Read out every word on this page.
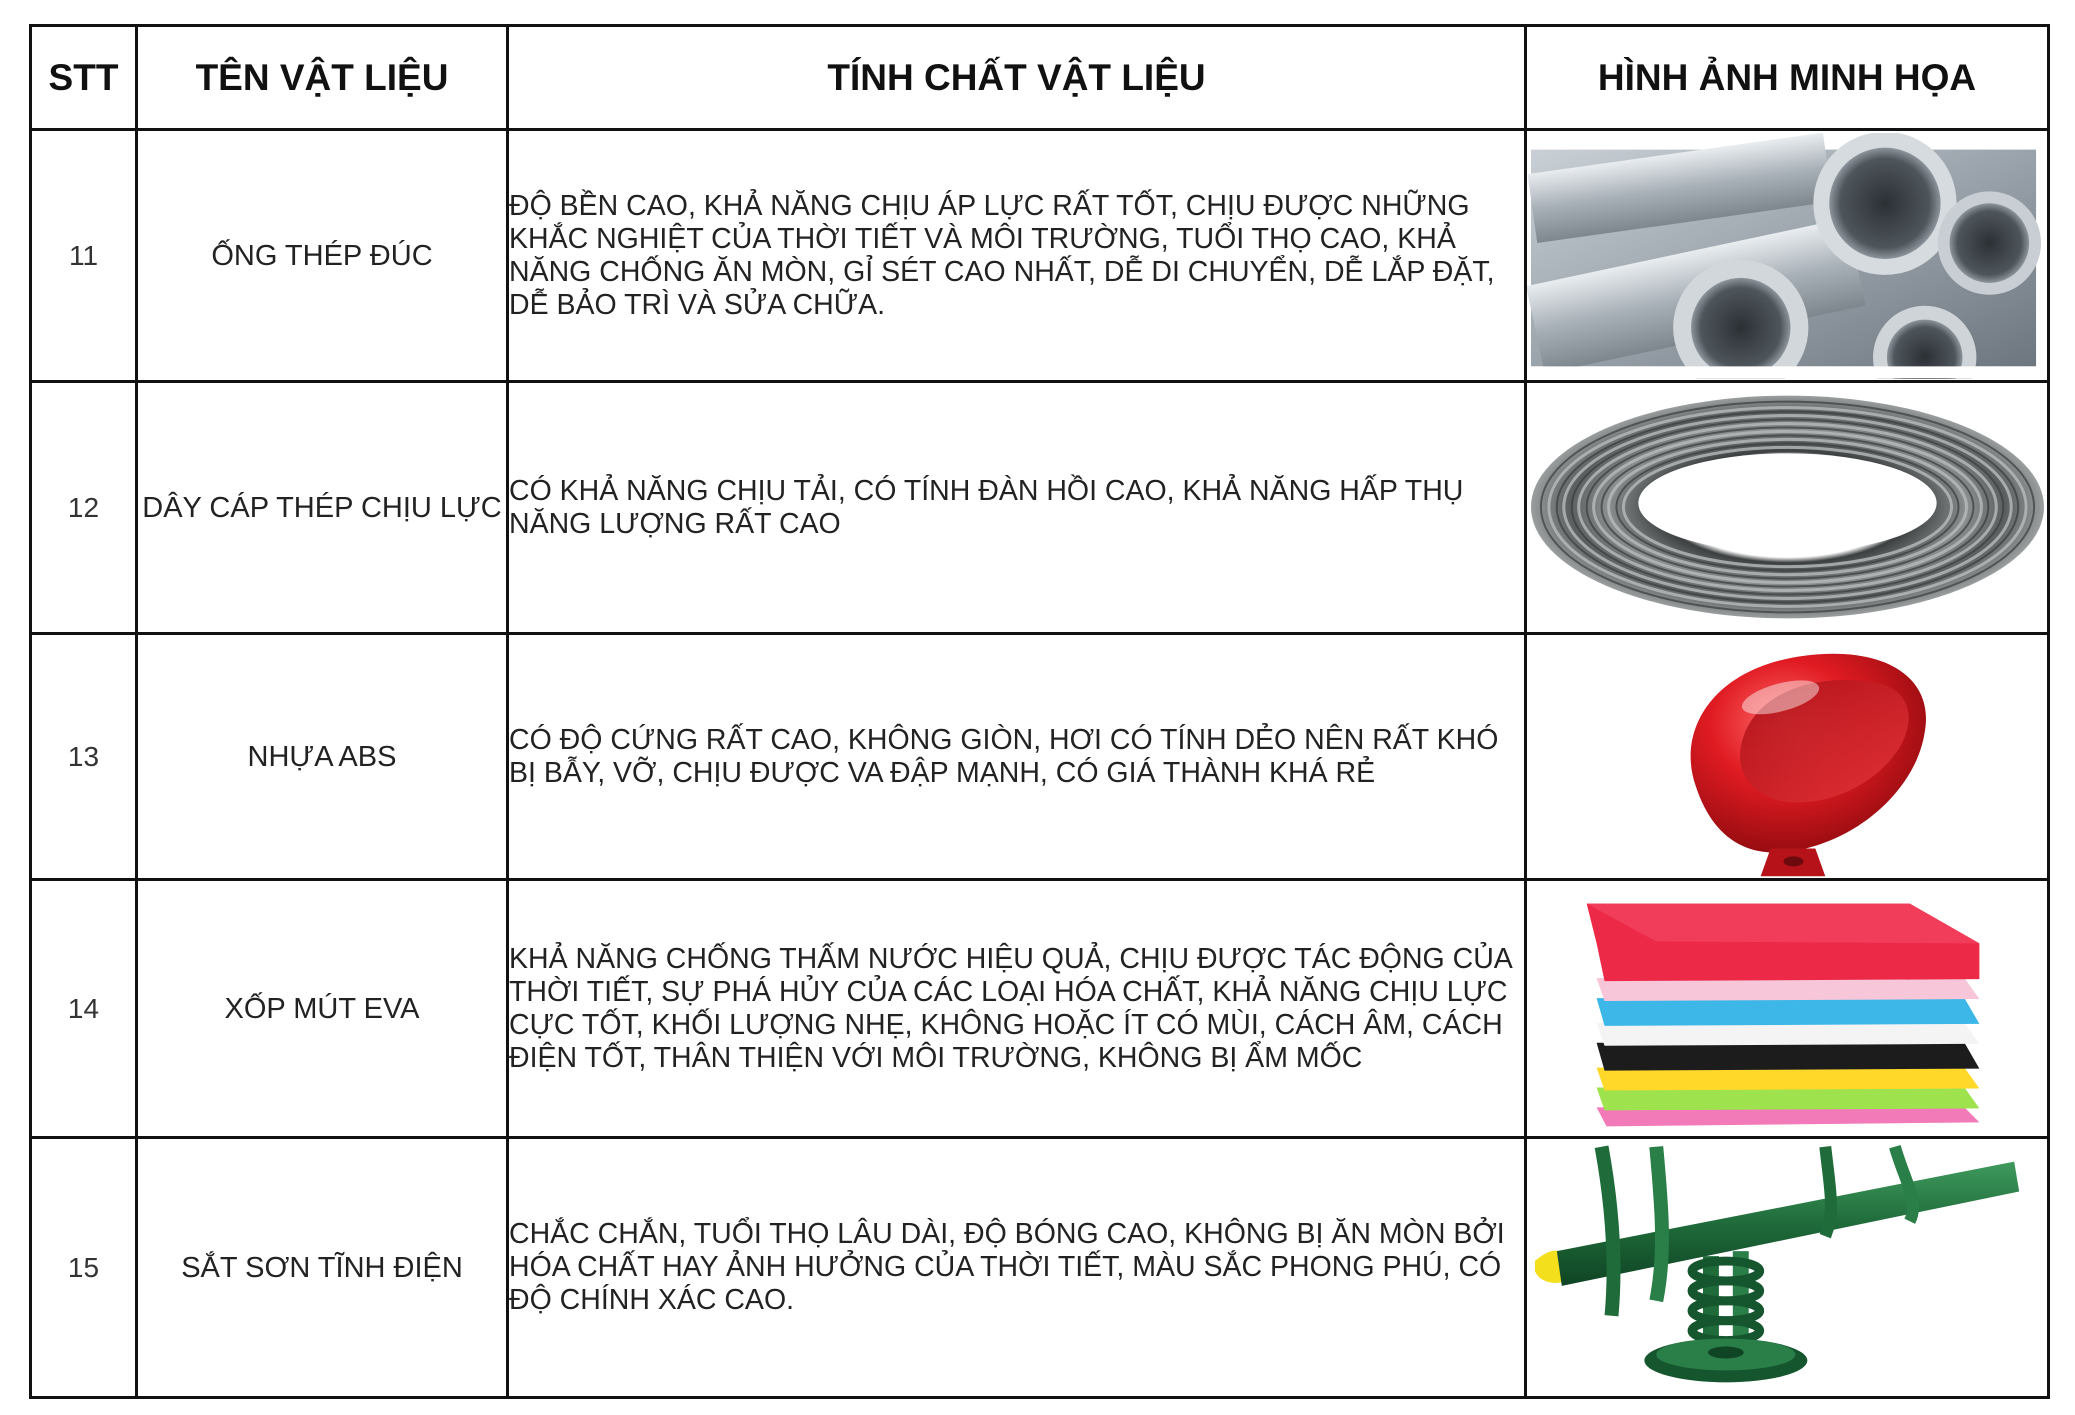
STT	TÊN VẬT LIỆU	TÍNH CHẤT VẬT LIỆU	HÌNH ẢNH MINH HỌA
11	ỐNG THÉP ĐÚC	ĐỘ BỀN CAO, KHẢ NĂNG CHỊU ÁP LỰC RẤT TỐT, CHỊU ĐƯỢC NHỮNG KHẮC NGHIỆT CỦA THỜI TIẾT VÀ MÔI TRƯỜNG, TUỔI THỌ CAO, KHẢ NĂNG CHỐNG ĂN MÒN, GỈ SÉT CAO NHẤT, DỄ DI CHUYỂN, DỄ LẮP ĐẶT, DỄ BẢO TRÌ VÀ SỬA CHỮA.	

12	DÂY CÁP THÉP CHỊU LỰC	CÓ KHẢ NĂNG CHỊU TẢI, CÓ TÍNH ĐÀN HỒI CAO, KHẢ NĂNG HẤP THỤ NĂNG LƯỢNG RẤT CAO	

13	NHỰA ABS	CÓ ĐỘ CỨNG RẤT CAO, KHÔNG GIÒN, HƠI CÓ TÍNH DẺO NÊN RẤT KHÓ BỊ BẪY, VỠ, CHỊU ĐƯỢC VA ĐẬP MẠNH, CÓ GIÁ THÀNH KHÁ RẺ	

14	XỐP MÚT EVA	KHẢ NĂNG CHỐNG THẤM NƯỚC HIỆU QUẢ, CHỊU ĐƯỢC TÁC ĐỘNG CỦA THỜI TIẾT, SỰ PHÁ HỦY CỦA CÁC LOẠI HÓA CHẤT, KHẢ NĂNG CHỊU LỰC CỰC TỐT, KHỐI LƯỢNG NHẸ, KHÔNG HOẶC ÍT CÓ MÙI, CÁCH ÂM, CÁCH ĐIỆN TỐT, THÂN THIỆN VỚI MÔI TRƯỜNG, KHÔNG BỊ ẨM MỐC	

15	SẮT SƠN TĨNH ĐIỆN	CHẮC CHẮN, TUỔI THỌ LÂU DÀI, ĐỘ BÓNG CAO, KHÔNG BỊ ĂN MÒN BỞI HÓA CHẤT HAY ẢNH HƯỞNG CỦA THỜI TIẾT, MÀU SẮC PHONG PHÚ, CÓ ĐỘ CHÍNH XÁC CAO.	
